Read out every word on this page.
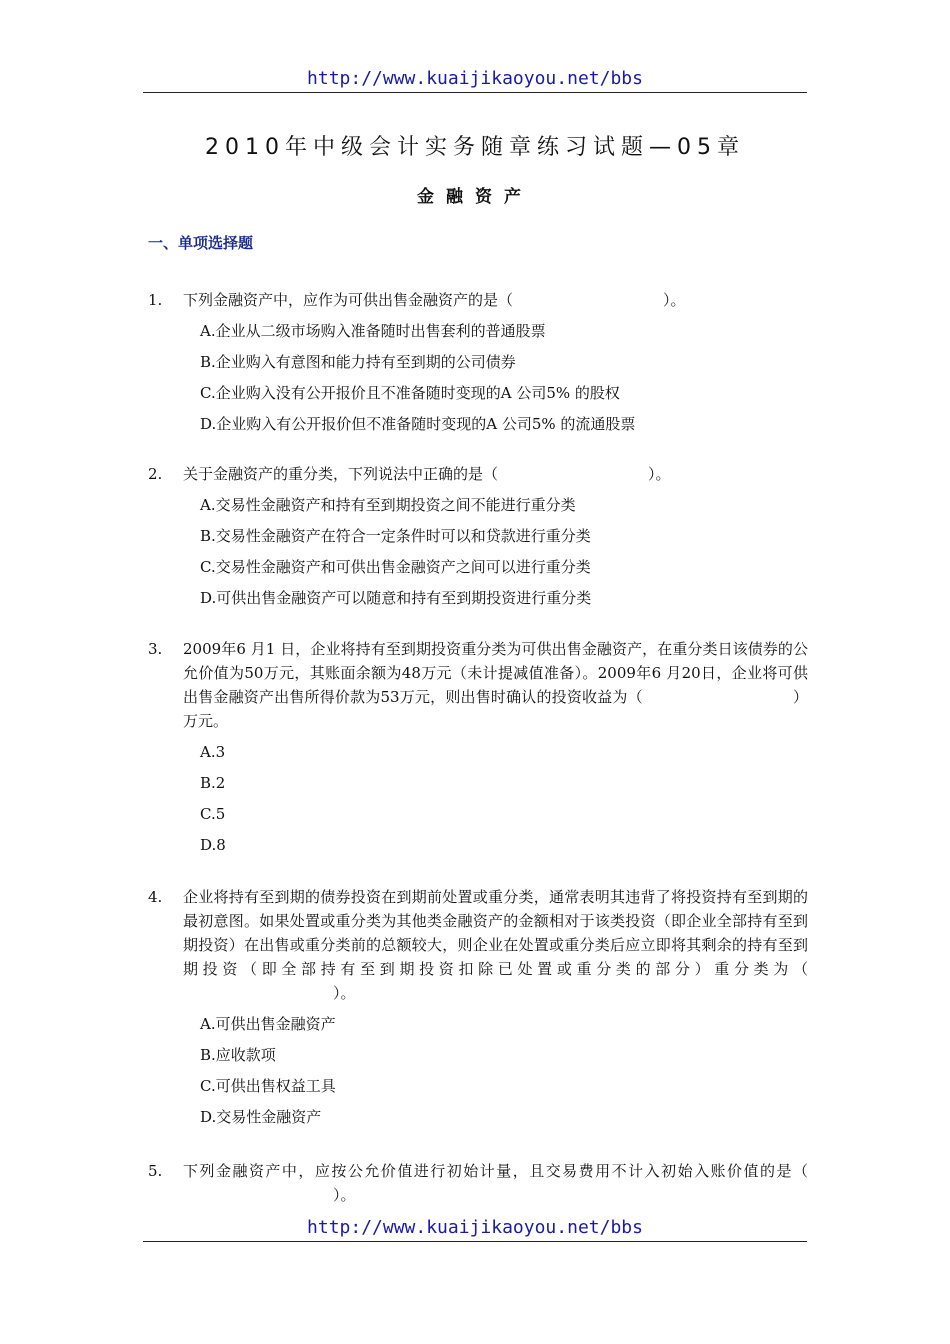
http://www.kuaijikaoyou.net/bbs
2010年中级会计实务随章练习试题—05章
金融资产
一、单项选择题
1.	下列金融资产中，应作为可供出售金融资产的是（	）。
A.企业从二级市场购入准备随时出售套利的普通股票
B.企业购入有意图和能力持有至到期的公司债券
C.企业购入没有公开报价且不准备随时变现的A 公司5% 的股权
D.企业购入有公开报价但不准备随时变现的A 公司5% 的流通股票
2.	关于金融资产的重分类，下列说法中正确的是（	）。
A.交易性金融资产和持有至到期投资之间不能进行重分类
B.交易性金融资产在符合一定条件时可以和贷款进行重分类
C.交易性金融资产和可供出售金融资产之间可以进行重分类
D.可供出售金融资产可以随意和持有至到期投资进行重分类
3.	2009年6 月1 日，企业将持有至到期投资重分类为可供出售金融资产，在重分类日该债券的公允价值为50万元，其账面余额为48万元（未计提减值准备）。2009年6 月20日，企业将可供出售金融资产出售所得价款为53万元，则出售时确认的投资收益为（	）万元。
A.3
B.2
C.5
D.8
4.	企业将持有至到期的债券投资在到期前处置或重分类，通常表明其违背了将投资持有至到期的最初意图。如果处置或重分类为其他类金融资产的金额相对于该类投资（即企业全部持有至到期投资）在出售或重分类前的总额较大，则企业在处置或重分类后应立即将其剩余的持有至到期投资（即全部持有至到期投资扣除已处置或重分类的部分）重分类为（）。
A.可供出售金融资产
B.应收款项
C.可供出售权益工具
D.交易性金融资产
5.	下列金融资产中，应按公允价值进行初始计量，且交易费用不计入初始入账价值的是（）。
http://www.kuaijikaoyou.net/bbs
